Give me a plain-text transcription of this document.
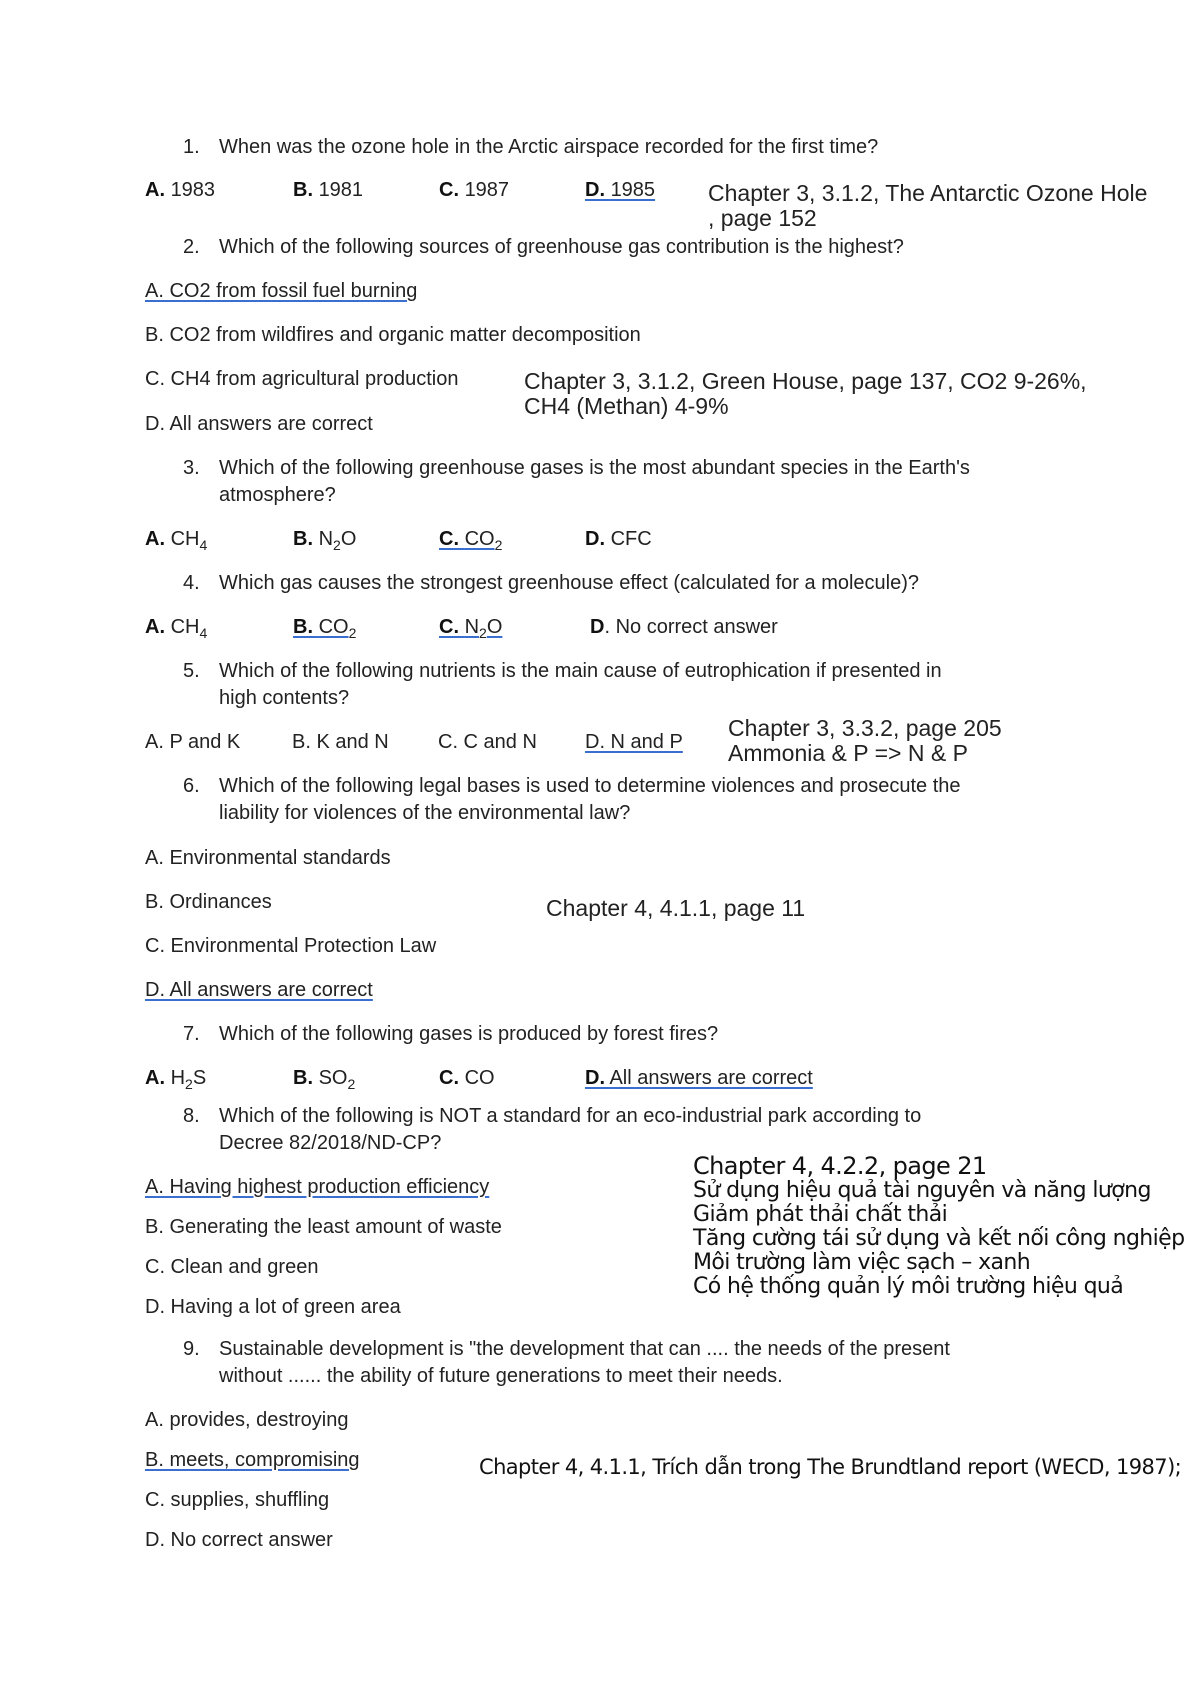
1. When was the ozone hole in the Arctic airspace recorded for the first time?
A. 1983	B. 1981	C. 1987	D. 1985 Chapter 3, 3.1.2, The Antarctic Ozone Hole
, page 152
2. Which of the following sources of greenhouse gas contribution is the highest?
A. CO2 from fossil fuel burning
B. CO2 from wildfires and organic matter decomposition
C. CH4 from agricultural production
D. All answers are correct
Chapter 3, 3.1.2, Green House, page 137, CO2 9-26%,
CH4 (Methan) 4-9%
3. Which of the following greenhouse gases is the most abundant species in the Earth's
atmosphere?
A. $CH_4$	B. $N_2O$	C. $CO_2$	D. CFC
4. Which gas causes the strongest greenhouse effect (calculated for a molecule)?
A. $CH_4$	B. $CO_2$	C. $N_2O$	D. No correct answer
5. Which of the following nutrients is the main cause of eutrophication if presented in
high contents?
A. P and K	B. K and N C. C and N D. N and P
Chapter 3, 3.3.2, page 205
Ammonia & P => N & P
6. Which of the following legal bases is used to determine violences and prosecute the
liability for violences of the environmental law?
A. Environmental standards
B. Ordinances
C. Environmental Protection Law
D. All answers are correct
Chapter 4, 4.1.1, page 11
7. Which of the following gases is produced by forest fires?
A. $H_2S$	B. $SO_2$	C. CO	D. All answers are correct
8. Which of the following is NOT a standard for an eco-industrial park according to
Decree 82/2018/ND-CP?
A. Having highest production efficiency
B. Generating the least amount of waste
C. Clean and green
D. Having a lot of green area
Chapter 4, 4.2.2, page 21
Sử dụng hiệu quả tài nguyên và năng lượng
Giảm phát thải chất thải
Tăng cường tái sử dụng và kết nối công nghiệp
Môi trường làm việc sạch – xanh
Có hệ thống quản lý môi trường hiệu quả
9. Sustainable development is "the development that can .... the needs of the present
without ...... the ability of future generations to meet their needs.
A. provides, destroying
B. meets, compromising
C. supplies, shuffling
D. No correct answer
Chapter 4, 4.1.1, Trích dẫn trong The Brundtland report (WECD, 1987);
